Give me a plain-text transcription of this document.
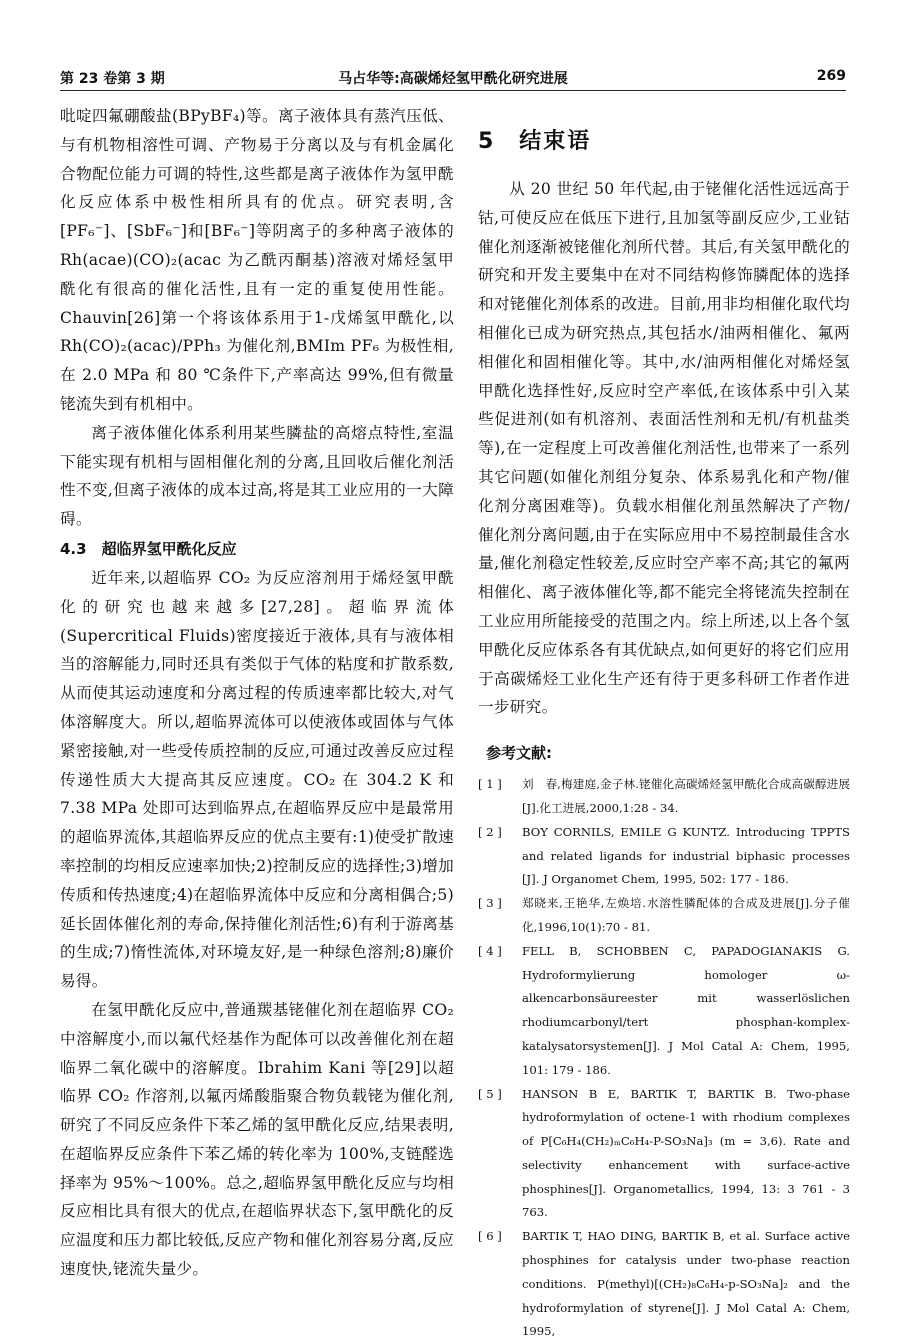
第 23 卷第 3 期	马占华等:高碳烯烃氢甲酰化研究进展	269

吡啶四氟硼酸盐(BPyBF₄)等。离子液体具有蒸汽压低、与有机物相溶性可调、产物易于分离以及与有机金属化合物配位能力可调的特性,这些都是离子液体作为氢甲酰化反应体系中极性相所具有的优点。研究表明,含[PF₆⁻]、[SbF₆⁻]和[BF₆⁻]等阴离子的多种离子液体的 Rh(acae)(CO)₂(acac 为乙酰丙酮基)溶液对烯烃氢甲酰化有很高的催化活性,且有一定的重复使用性能。Chauvin[26]第一个将该体系用于1-戊烯氢甲酰化,以 Rh(CO)₂(acac)/PPh₃ 为催化剂,BMIm PF₆ 为极性相,在 2.0 MPa 和 80 ℃条件下,产率高达 99%,但有微量铑流失到有机相中。

离子液体催化体系利用某些膦盐的高熔点特性,室温下能实现有机相与固相催化剂的分离,且回收后催化剂活性不变,但离子液体的成本过高,将是其工业应用的一大障碍。

4.3　超临界氢甲酰化反应

近年来,以超临界 CO₂ 为反应溶剂用于烯烃氢甲酰化的研究也越来越多[27,28]。超临界流体(Supercritical Fluids)密度接近于液体,具有与液体相当的溶解能力,同时还具有类似于气体的粘度和扩散系数,从而使其运动速度和分离过程的传质速率都比较大,对气体溶解度大。所以,超临界流体可以使液体或固体与气体紧密接触,对一些受传质控制的反应,可通过改善反应过程传递性质大大提高其反应速度。CO₂ 在 304.2 K 和 7.38 MPa 处即可达到临界点,在超临界反应中是最常用的超临界流体,其超临界反应的优点主要有:1)使受扩散速率控制的均相反应速率加快;2)控制反应的选择性;3)增加传质和传热速度;4)在超临界流体中反应和分离相偶合;5)延长固体催化剂的寿命,保持催化剂活性;6)有利于游离基的生成;7)惰性流体,对环境友好,是一种绿色溶剂;8)廉价易得。

在氢甲酰化反应中,普通羰基铑催化剂在超临界 CO₂ 中溶解度小,而以氟代烃基作为配体可以改善催化剂在超临界二氧化碳中的溶解度。Ibrahim Kani 等[29]以超临界 CO₂ 作溶剂,以氟丙烯酸脂聚合物负载铑为催化剂,研究了不同反应条件下苯乙烯的氢甲酰化反应,结果表明,在超临界反应条件下苯乙烯的转化率为 100%,支链醛选择率为 95%～100%。总之,超临界氢甲酰化反应与均相反应相比具有很大的优点,在超临界状态下,氢甲酰化的反应温度和压力都比较低,反应产物和催化剂容易分离,反应速度快,铑流失量少。

5　结束语

从 20 世纪 50 年代起,由于铑催化活性远远高于钴,可使反应在低压下进行,且加氢等副反应少,工业钴催化剂逐渐被铑催化剂所代替。其后,有关氢甲酰化的研究和开发主要集中在对不同结构修饰膦配体的选择和对铑催化剂体系的改进。目前,用非均相催化取代均相催化已成为研究热点,其包括水/油两相催化、氟两相催化和固相催化等。其中,水/油两相催化对烯烃氢甲酰化选择性好,反应时空产率低,在该体系中引入某些促进剂(如有机溶剂、表面活性剂和无机/有机盐类等),在一定程度上可改善催化剂活性,也带来了一系列其它问题(如催化剂组分复杂、体系易乳化和产物/催化剂分离困难等)。负载水相催化剂虽然解决了产物/催化剂分离问题,由于在实际应用中不易控制最佳含水量,催化剂稳定性较差,反应时空产率不高;其它的氟两相催化、离子液体催化等,都不能完全将铑流失控制在工业应用所能接受的范围之内。综上所述,以上各个氢甲酰化反应体系各有其优缺点,如何更好的将它们应用于高碳烯烃工业化生产还有待于更多科研工作者作进一步研究。

参考文献:
[ 1 ]	刘　春,梅建庭,金子林.铑催化高碳烯烃氢甲酰化合成高碳醇进展[J].化工进展,2000,1:28 - 34.
[ 2 ]	BOY CORNILS, EMILE G KUNTZ. Introducing TPPTS and related ligands for industrial biphasic processes [J]. J Organomet Chem, 1995, 502: 177 - 186.
[ 3 ]	郑晓来,王艳华,左焕培.水溶性膦配体的合成及进展[J].分子催化,1996,10(1):70 - 81.
[ 4 ]	FELL B, SCHOBBEN C, PAPADOGIANAKIS G. Hydroformylierung homologer ω-alkencarbonsäureester mit wasserlöslichen rhodiumcarbonyl/tert phosphan-komplex-katalysatorsystemen[J]. J Mol Catal A: Chem, 1995, 101: 179 - 186.
[ 5 ]	HANSON B E, BARTIK T, BARTIK B. Two-phase hydroformylation of octene-1 with rhodium complexes of P[C₆H₄(CH₂)ₘC₆H₄-P-SO₃Na]₃ (m = 3,6). Rate and selectivity enhancement with surface-active phosphines[J]. Organometallics, 1994, 13: 3 761 - 3 763.
[ 6 ]	BARTIK T, HAO DING, BARTIK B, et al. Surface active phosphines for catalysis under two-phase reaction conditions. P(methyl)[(CH₂)₈C₆H₄-p-SO₃Na]₂ and the hydroformylation of styrene[J]. J Mol Catal A: Chem, 1995,
